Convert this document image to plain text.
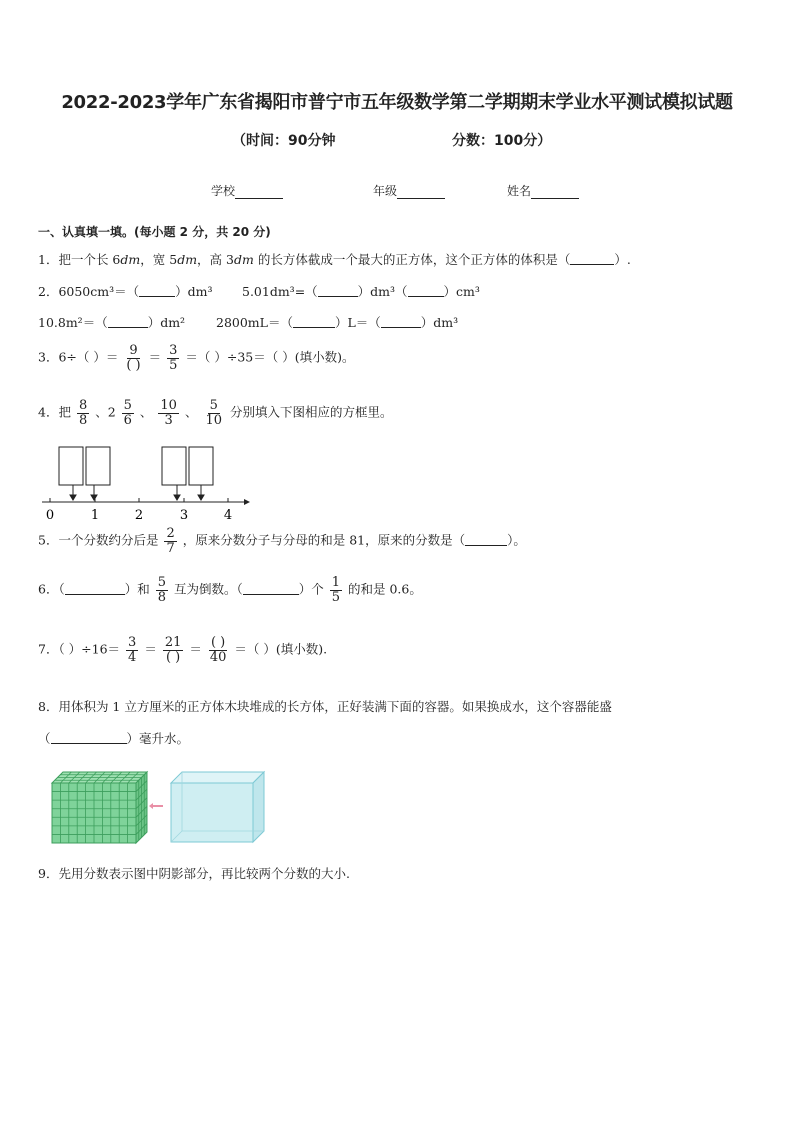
2022-2023学年广东省揭阳市普宁市五年级数学第二学期期末学业水平测试模拟试题
（时间：90分钟	分数：100分）
学校	年级	姓名
一、认真填一填。(每小题 2 分，共 20 分)
1．把一个长 6dm，宽 5dm，高 3dm 的长方体截成一个最大的正方体，这个正方体的体积是（	）.
2．6050cm³＝（	）dm³ 5.01dm³=（	）dm³（	）cm³
10.8m²＝（	）dm² 2800mL＝（	）L＝（	）dm³
3．6÷（ ）＝ $\frac{9}{( )} = \frac{3}{5}$ ＝（ ）÷35＝（ ）(填小数)。
4．把 $\frac{8}{8}$ 、$2 \frac{5}{6}$ 、 $\frac{10}{3}$ 、 $\frac{5}{10}$ 分别填入下图相应的方框里。
0	1	2	3	4
5．一个分数约分后是 $\frac{2}{7}$ ，原来分数分子与分母的和是 81，原来的分数是（	）。
6．（	）和 $\frac{5}{8}$ 互为倒数。（	）个 $\frac{1}{5}$ 的和是 0.6。
7．（ ）$\div 16= \frac{3}{4} = \frac{21}{( )} = \frac{( )}{40}$ ＝（ ）(填小数).
8．用体积为 1 立方厘米的正方体木块堆成的长方体，正好装满下面的容器。如果换成水，这个容器能盛
（	）毫升水。
9．先用分数表示图中阴影部分，再比较两个分数的大小.
